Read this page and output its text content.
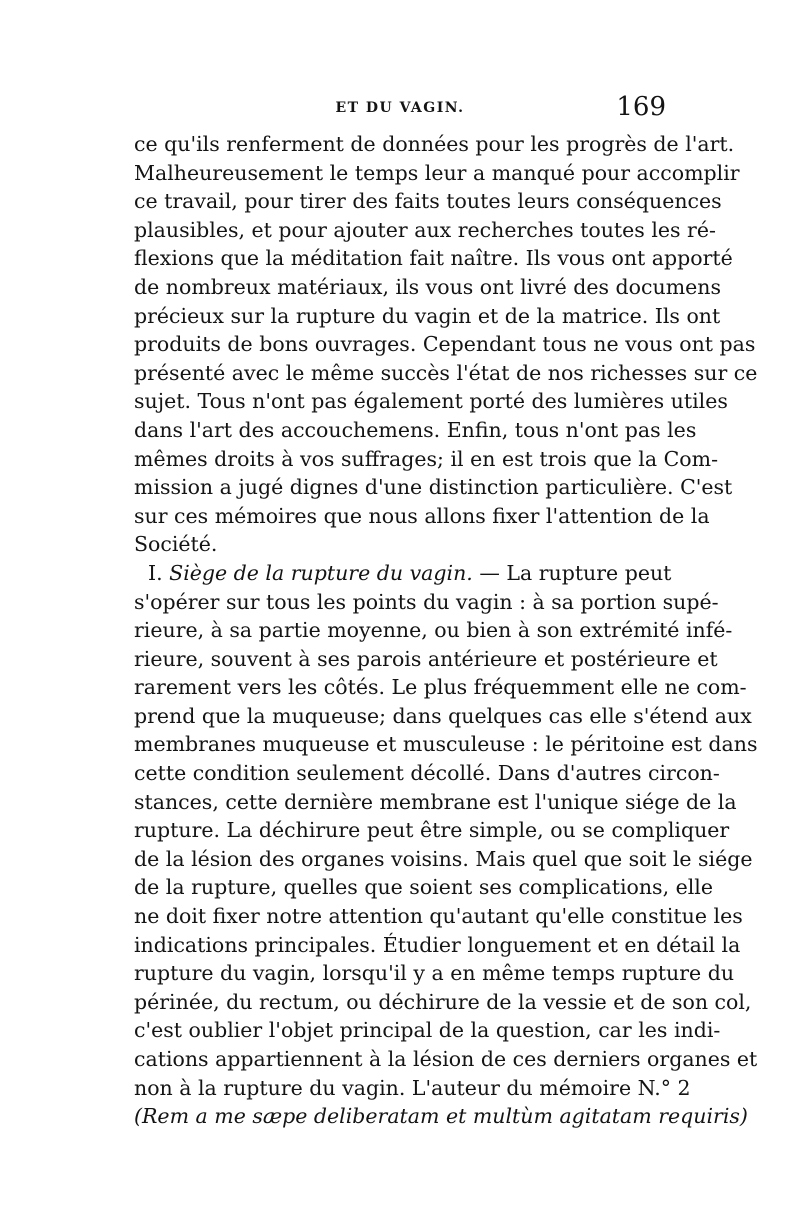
ET DU VAGIN.	169
ce qu'ils renferment de données pour les progrès de l'art.
Malheureusement le temps leur a manqué pour accomplir
ce travail, pour tirer des faits toutes leurs conséquences
plausibles, et pour ajouter aux recherches toutes les ré-
flexions que la méditation fait naître. Ils vous ont apporté
de nombreux matériaux, ils vous ont livré des documens
précieux sur la rupture du vagin et de la matrice. Ils ont
produits de bons ouvrages. Cependant tous ne vous ont pas
présenté avec le même succès l'état de nos richesses sur ce
sujet. Tous n'ont pas également porté des lumières utiles
dans l'art des accouchemens. Enfin, tous n'ont pas les
mêmes droits à vos suffrages; il en est trois que la Com-
mission a jugé dignes d'une distinction particulière. C'est
sur ces mémoires que nous allons fixer l'attention de la
Société.
I. Siège de la rupture du vagin. — La rupture peut
s'opérer sur tous les points du vagin : à sa portion supé-
rieure, à sa partie moyenne, ou bien à son extrémité infé-
rieure, souvent à ses parois antérieure et postérieure et
rarement vers les côtés. Le plus fréquemment elle ne com-
prend que la muqueuse; dans quelques cas elle s'étend aux
membranes muqueuse et musculeuse : le péritoine est dans
cette condition seulement décollé. Dans d'autres circon-
stances, cette dernière membrane est l'unique siége de la
rupture. La déchirure peut être simple, ou se compliquer
de la lésion des organes voisins. Mais quel que soit le siége
de la rupture, quelles que soient ses complications, elle
ne doit fixer notre attention qu'autant qu'elle constitue les
indications principales. Étudier longuement et en détail la
rupture du vagin, lorsqu'il y a en même temps rupture du
périnée, du rectum, ou déchirure de la vessie et de son col,
c'est oublier l'objet principal de la question, car les indi-
cations appartiennent à la lésion de ces derniers organes et
non à la rupture du vagin. L'auteur du mémoire N.° 2
(Rem a me sæpe deliberatam et multùm agitatam requiris)
